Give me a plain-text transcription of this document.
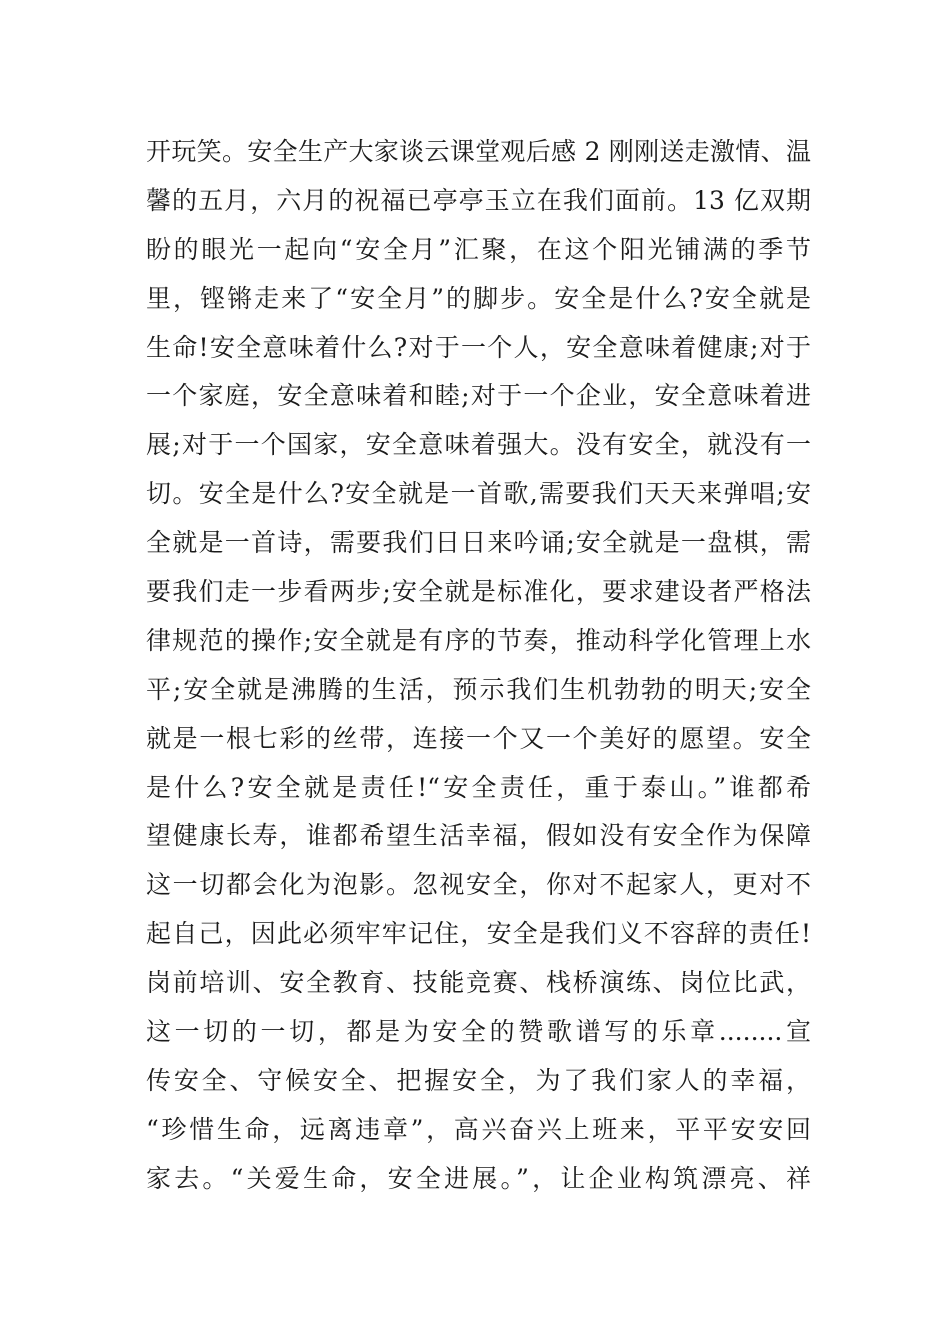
开玩笑。安全生产大家谈云课堂观后感 2 刚刚送走激情、温
馨的五月，六月的祝福已亭亭玉立在我们面前。13 亿双期
盼的眼光一起向“安全月”汇聚，在这个阳光铺满的季节
里，铿锵走来了“安全月”的脚步。安全是什么?安全就是
生命!安全意味着什么?对于一个人，安全意味着健康;对于
一个家庭，安全意味着和睦;对于一个企业，安全意味着进
展;对于一个国家，安全意味着强大。没有安全，就没有一
切。安全是什么?安全就是一首歌,需要我们天天来弹唱;安
全就是一首诗，需要我们日日来吟诵;安全就是一盘棋，需
要我们走一步看两步;安全就是标准化，要求建设者严格法
律规范的操作;安全就是有序的节奏，推动科学化管理上水
平;安全就是沸腾的生活，预示我们生机勃勃的明天;安全
就是一根七彩的丝带，连接一个又一个美好的愿望。安全
是什么?安全就是责任!“安全责任，重于泰山。”谁都希
望健康长寿，谁都希望生活幸福，假如没有安全作为保障
这一切都会化为泡影。忽视安全，你对不起家人，更对不
起自己，因此必须牢牢记住，安全是我们义不容辞的责任!
岗前培训、安全教育、技能竞赛、栈桥演练、岗位比武，
这一切的一切，都是为安全的赞歌谱写的乐章........宣
传安全、守候安全、把握安全，为了我们家人的幸福，
“珍惜生命，远离违章”，高兴奋兴上班来，平平安安回
家去。“关爱生命，安全进展。”，让企业构筑漂亮、祥
